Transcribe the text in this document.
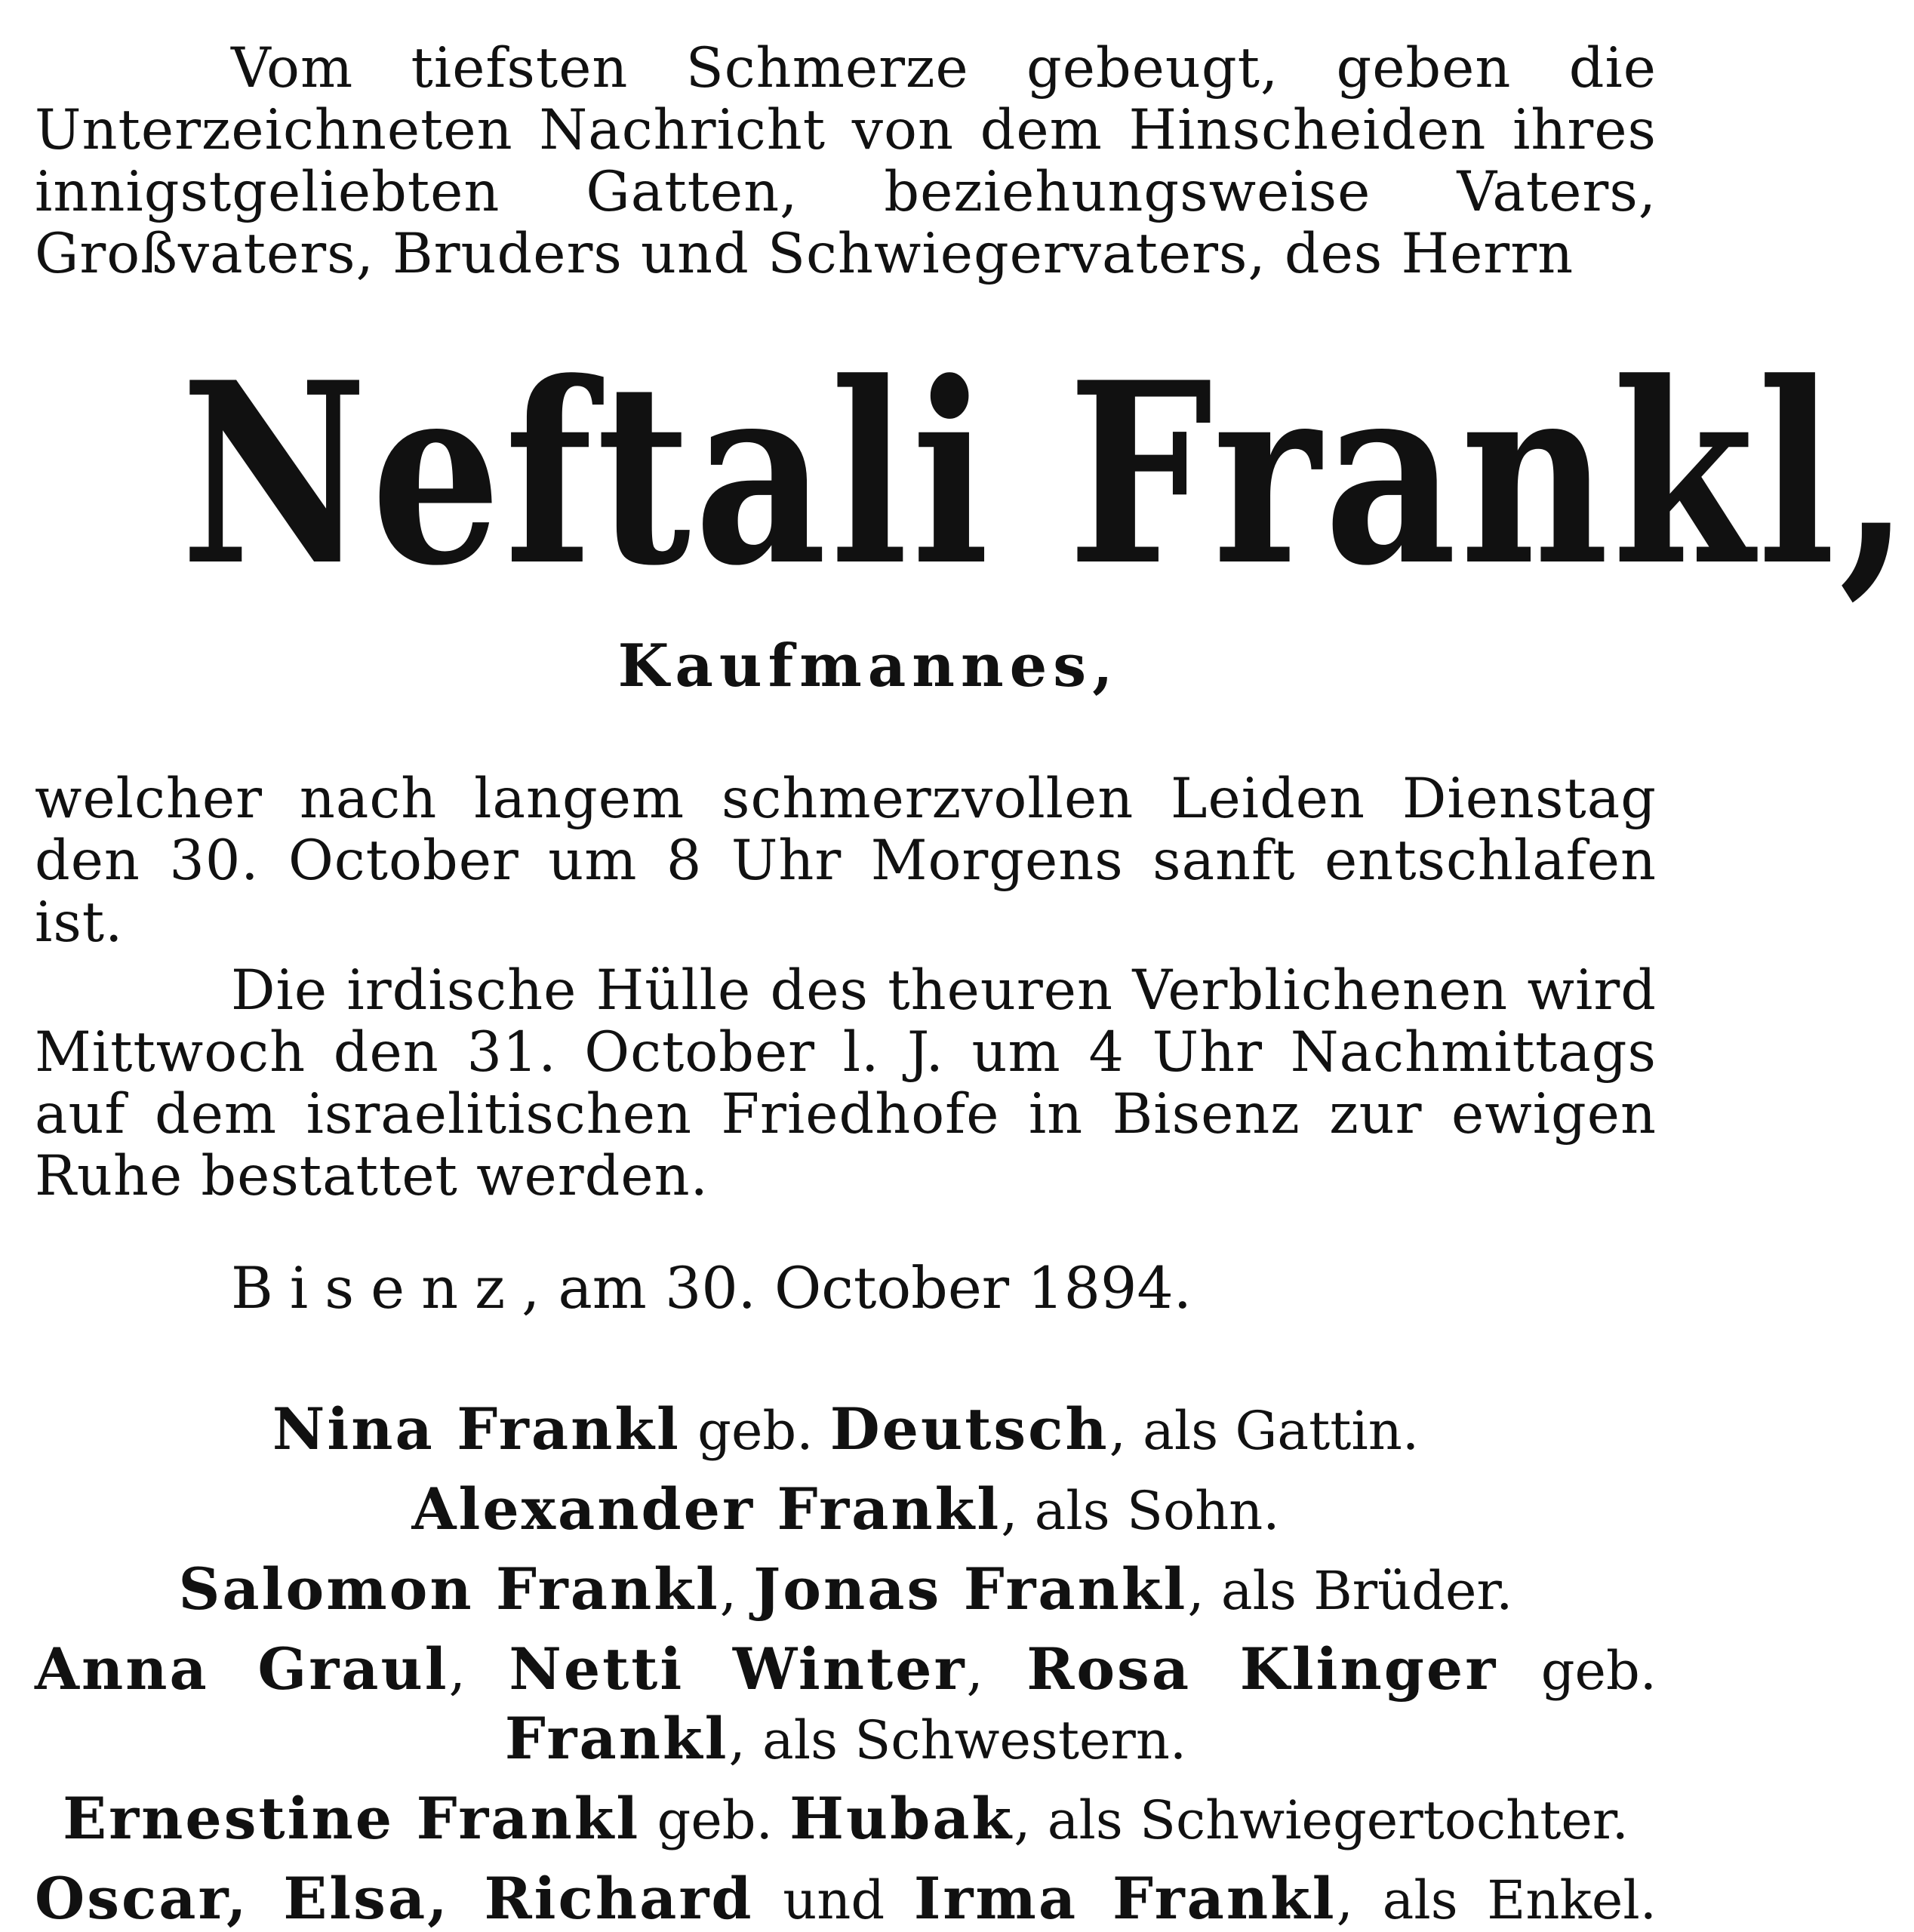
Vom tiefsten Schmerze gebeugt, geben die Unterzeichneten Nachricht von dem Hinscheiden ihres innigstgeliebten Gatten, beziehungsweise Vaters, Großvaters, Bruders und Schwiegervaters, des Herrn

Neftali Frankl,
Kaufmannes,

welcher nach langem schmerzvollen Leiden Dienstag den 30. October um 8 Uhr Morgens sanft entschlafen ist.

Die irdische Hülle des theuren Verblichenen wird Mittwoch den 31. October l. J. um 4 Uhr Nachmittags auf dem israelitischen Friedhofe in Bisenz zur ewigen Ruhe bestattet werden.

Bisenz, am 30. October 1894.
Nina Frankl geb. Deutsch, als Gattin.
Alexander Frankl, als Sohn.
Salomon Frankl, Jonas Frankl, als Brüder.
Anna Graul, Netti Winter, Rosa Klinger geb.
Frankl, als Schwestern.
Ernestine Frankl geb. Hubak, als Schwiegertochter.
Oscar, Elsa, Richard und Irma Frankl, als Enkel.
